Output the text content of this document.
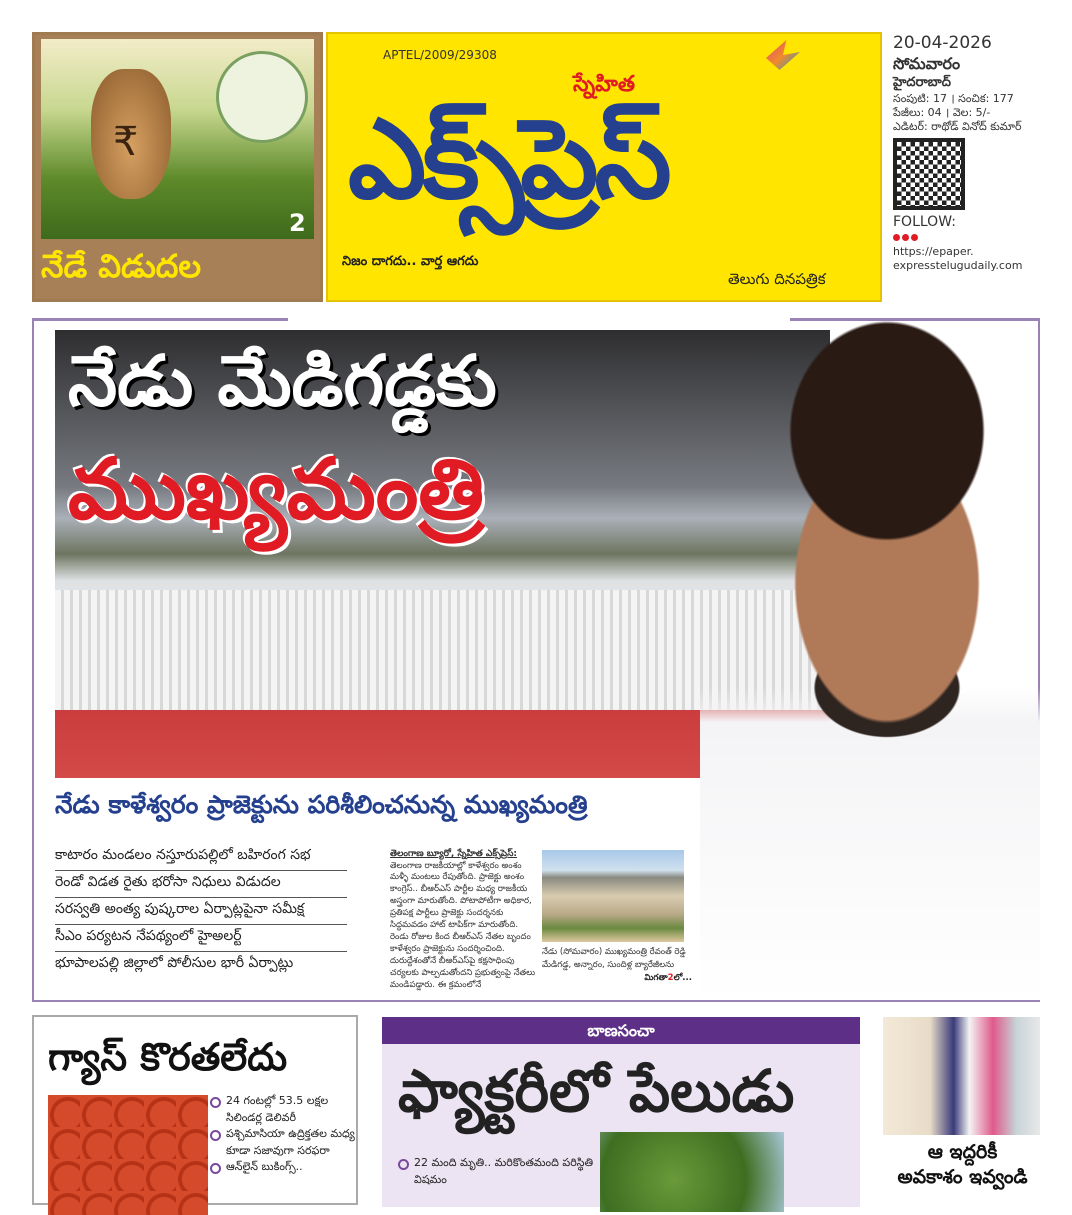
₹
2
నేడే విడుదల
APTEL/2009/29308
స్నేహిత
ఎక్స్‌ప్రెస్
నిజం దాగదు.. వార్త ఆగదు
తెలుగు దినపత్రిక
20-04-2026
సోమవారం
హైదరాబాద్
సంపుటి: 17 । సంచిక: 177
పేజీలు: 04 । వెల: 5/-
ఎడిటర్: రాథోడ్ వినోద్ కుమార్
FOLLOW:
https://epaper.
expresstelugudaily.com
నేడు మేడిగడ్డకు
ముఖ్యమంత్రి
నేడు కాళేశ్వరం ప్రాజెక్టును పరిశీలించనున్న ముఖ్యమంత్రి
కాటారం మండలం నస్తూరుపల్లిలో బహిరంగ సభ
రెండో విడత రైతు భరోసా నిధులు విడుదల
సరస్వతి అంత్య పుష్కరాల ఏర్పాట్లపైనా సమీక్ష
సీఎం పర్యటన నేపథ్యంలో హైఅలర్ట్
భూపాలపల్లి జిల్లాలో పోలీసుల భారీ ఏర్పాట్లు
తెలంగాణ బ్యూరో, స్నేహిత ఎక్స్‌ప్రెస్:
తెలంగాణ రాజకీయాల్లో కాళేశ్వరం అంశం మళ్ళీ మంటలు రేపుతోంది. ప్రాజెక్టు అంశం కాంగ్రెస్.. బీఆర్ఎస్ పార్టీల మధ్య రాజకీయ అస్త్రంగా మారుతోంది. పోటాపోటీగా అధికార, ప్రతిపక్ష పార్టీలు ప్రాజెక్టు సందర్శనకు సిద్ధమవడం హాట్ టాపిక్‌గా మారుతోంది. రెండు రోజుల కింద బీఆర్ఎస్ నేతల బృందం కాళేశ్వరం ప్రాజెక్టును సందర్శించింది. దురుద్దేశంతోనే బీఆర్ఎస్‌పై కక్షసాధింపు చర్యలకు పాల్పడుతోందని ప్రభుత్వంపై నేతలు మండిపడ్డారు. ఈ క్రమంలోనే
నేడు (సోమవారం) ముఖ్యమంత్రి రేవంత్ రెడ్డి మేడిగడ్డ, అన్నారం, సుందిళ్ల బ్యారేజీలను
మిగతా2లో...
గ్యాస్ కొరతలేదు
24 గంటల్లో 53.5 లక్షల సిలిండర్ల డెలివరీ
పశ్చిమాసియా ఉద్రిక్తతల మధ్య కూడా సజావుగా సరఫరా
ఆన్‌లైన్ బుకింగ్స్..
బాణసంచా
ఫ్యాక్టరీలో పేలుడు
22 మంది మృతి.. మరికొంతమంది పరిస్థితి విషమం
ఆ ఇద్దరికీ
అవకాశం ఇవ్వండి
